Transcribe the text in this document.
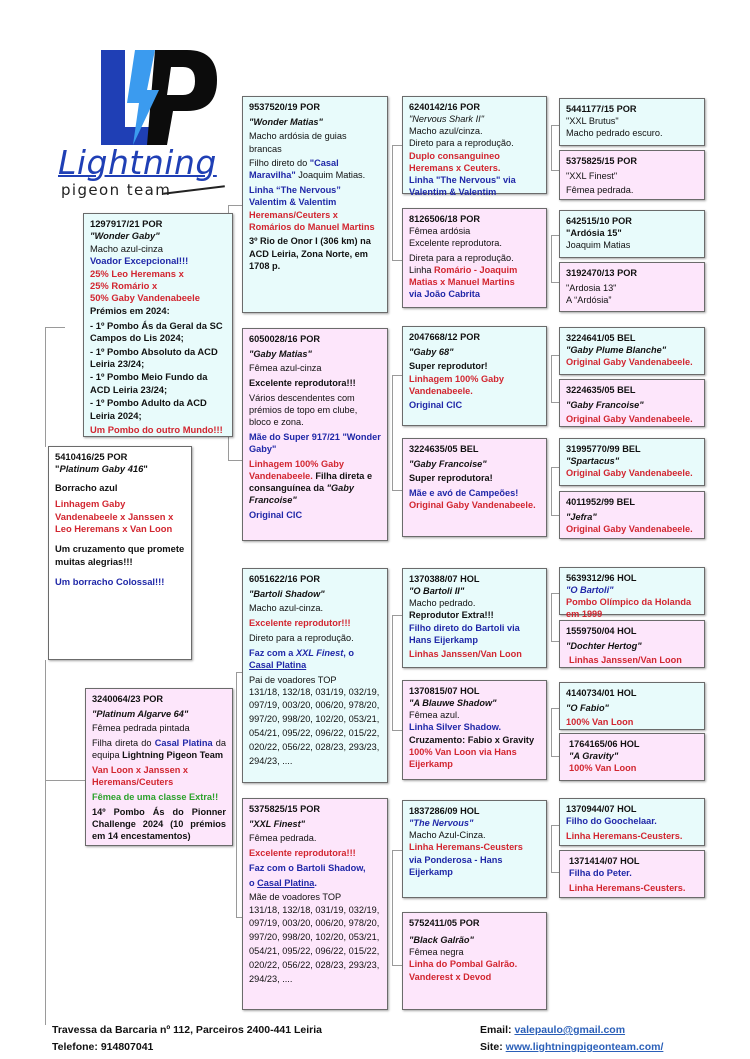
Lightning
pigeon team
1297917/21 POR
"Wonder Gaby"
Macho azul-cinza
Voador Excepcional!!!
25% Leo Heremans x
25% Romário x
50% Gaby Vandenabeele

Prémios em 2024:

- 1º Pombo Ás da Geral da SC Campos do Lis 2024;
- 1º Pombo Absoluto da ACD Leiria 23/24;
- 1º Pombo Meio Fundo da ACD Leiria 23/24;
- 1º Pombo Adulto da ACD Leiria 2024;
Um Pombo do outro Mundo!!!
5410416/25 POR

"Platinum Gaby 416"

Borracho azul

Linhagem Gaby Vandenabeele x Janssen x Leo Heremans x Van Loon

Um cruzamento que promete muitas alegrias!!!

Um borracho Colossal!!!

3240064/23 POR

"Platinum Algarve 64"

Fêmea pedrada pintada

Filha direta do Casal Platina da equipa Lightning Pigeon Team

Van Loon x Janssen x Heremans/Ceuters

Fêmea de uma classe Extra!!

14º Pombo Ás do Pionner Challenge 2024 (10 prémios em 14 encestamentos)

9537520/19 POR

"Wonder Matias"

Macho ardósia de guias brancas

Filho direto do "Casal Maravilha" Joaquim Matias.

Linha “The Nervous” Valentim & Valentim

Heremans/Ceuters x Romários do Manuel Martins

3º Rio de Onor I (306 km) na ACD Leiria, Zona Norte, em 1708 p.

6050028/16 POR

"Gaby Matias"

Fêmea azul-cinza

Excelente reprodutora!!!

Vários descendentes com prémios de topo em clube, bloco e zona.

Mãe do Super 917/21 "Wonder Gaby"

Linhagem 100% Gaby Vandenabeele. Filha direta e consanguínea da "Gaby Francoise"

Original CIC

6051622/16 POR

"Bartoli Shadow"

Macho azul-cinza.

Excelente reprodutor!!!

Direto para a reprodução.

Faz com a XXL Finest, o Casal Platina

Pai de voadores TOP
131/18, 132/18, 031/19, 032/19, 097/19, 003/20, 006/20, 978/20, 997/20, 998/20, 102/20, 053/21, 054/21, 095/22, 096/22, 015/22, 020/22, 056/22, 028/23, 293/23, 294/23, ....

5375825/15 POR

"XXL Finest"

Fêmea pedrada.

Excelente reprodutora!!!

Faz com o Bartoli Shadow,

o Casal Platina.

Mãe de voadores TOP
131/18, 132/18, 031/19, 032/19, 097/19, 003/20, 006/20, 978/20, 997/20, 998/20, 102/20, 053/21, 054/21, 095/22, 096/22, 015/22, 020/22, 056/22, 028/23, 293/23, 294/23, ....
6240142/16 POR
"Nervous Shark II"
Macho azul/cinza.
Direto para a reprodução.
Duplo consanguineo Heremans x Ceuters.
Linha "The Nervous" via Valentim & Valentim
8126506/18 POR
Fêmea ardósia

Excelente reprodutora.

Direta para a reprodução.
Linha Romário - Joaquim Matias x Manuel Martins
via João Cabrita

2047668/12 POR

"Gaby 68"

Super reprodutor!

Linhagem 100% Gaby Vandenabeele.

Original CIC

3224635/05 BEL

"Gaby Francoise"

Super reprodutora!

Mãe e avó de Campeões!
Original Gaby Vandenabeele.
1370388/07 HOL
"O Bartoli II"
Macho pedrado.
Reprodutor Extra!!!
Filho direto do Bartoli via Hans Eijerkamp
Linhas Janssen/Van Loon
1370815/07 HOL
"A Blauwe Shadow"
Fêmea azul.
Linha Silver Shadow.
Cruzamento: Fabio x Gravity
100% Van Loon via Hans Eijerkamp
1837286/09 HOL
"The Nervous"
Macho Azul-Cinza.
Linha Heremans-Ceusters
via Ponderosa - Hans Eijerkamp

5752411/05 POR

"Black Galrão"
Fêmea negra
Linha do Pombal Galrão. Vanderest x Devod
5441177/15 POR
"XXL Brutus"
Macho pedrado escuro.

5375825/15 POR

"XXL Finest"

Fêmea pedrada.
642515/10 POR
"Ardósia 15"
Joaquim Matias

3192470/13 POR

"Ardosia 13"
A “Ardósia”
3224641/05 BEL
"Gaby Plume Blanche"
Original Gaby Vandenabeele.

3224635/05 BEL

"Gaby Francoise"

Original Gaby Vandenabeele.
31995770/99 BEL
"Spartacus"
Original Gaby Vandenabeele.

4011952/99 BEL

"Jefra"
Original Gaby Vandenabeele.
5639312/96 HOL
"O Bartoli"
Pombo Olímpico da Holanda em 1999

1559750/04 HOL

"Dochter Hertog"

Linhas Janssen/Van Loon

4140734/01 HOL

"O Fabio"

100% Van Loon
1764165/06 HOL
"A Gravity"
100% Van Loon
1370944/07 HOL

Filho do Goochelaar.

Linha Heremans-Ceusters.
1371414/07 HOL

Filha do Peter.

Linha Heremans-Ceusters.
Travessa da Barcaria nº 112, Parceiros 2400-441 Leiria
Telefone: 914807041
Email: valepaulo@gmail.com
Site: www.lightningpigeonteam.com/
